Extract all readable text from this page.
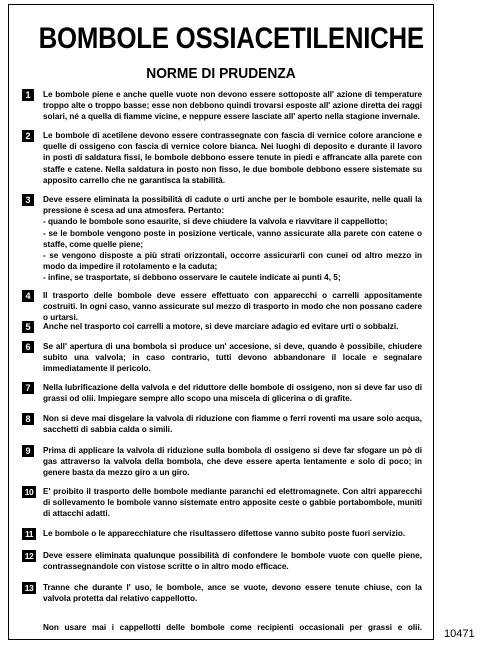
BOMBOLE OSSIACETILENICHE
NORME DI PRUDENZA
1	Le bombole piene e anche quelle vuote non devono essere sottoposte all' azione di temperature troppo alte o troppo basse; esse non debbono quindi trovarsi esposte all' azione diretta dei raggi solari, né a quella di fiamme vicine, e neppure essere lasciate all' aperto nella stagione invernale.
2	Le bombole di acetilene devono essere contrassegnate con fascia di vernice colore arancione e quelle di ossigeno con fascia di vernice colore bianca. Nei luoghi di deposito e durante il lavoro in posti di saldatura fissi, le bombole debbono essere tenute in piedi e affrancate alla parete con staffe e catene. Nella saldatura in posto non fisso, le due bombole debbono essere sistemate su apposito carrello che ne garantisca la stabilità.
3	Deve essere eliminata la possibilità di cadute o urti anche per le bombole esaurite, nelle quali la pressione è scesa ad una atmosfera. Pertanto:
- quando le bombole sono esaurite, si deve chiudere la valvola e riavvitare il cappellotto;
- se le bombole vengono poste in posizione verticale, vanno assicurate alla parete con catene o staffe, come quelle piene;
- se vengono disposte a più strati orizzontali, occorre assicurarli con cunei od altro mezzo in modo da impedire il rotolamento e la caduta;
- infine, se trasportate, si debbono osservare le cautele indicate ai punti 4, 5;
4	Il trasporto delle bombole deve essere effettuato con apparecchi o carrelli appositamente costruiti. In ogni caso, vanno assicurate sul mezzo di trasporto in modo che non possano cadere o urtarsi.
5	Anche nel trasporto coi carrelli a motore, si deve marciare adagio ed evitare urti o sobbalzi.
6	Se all' apertura di una bombola si produce un' accesione, si deve, quando è possibile, chiudere subito una valvola; in caso contrario, tutti devono abbandonare il locale e segnalare immediatamente il pericolo.
7	Nella lubrificazione della valvola e del riduttore delle bombole di ossigeno, non si deve far uso di grassi od olii. Impiegare sempre allo scopo una miscela di glicerina o di grafite.
8	Non si deve mai disgelare la valvola di riduzione con fiamme o ferri roventi ma usare solo acqua, sacchetti di sabbia calda o simili.
9	Prima di applicare la valvola di riduzione sulla bombola di ossigeno si deve far sfogare un pò di gas attraverso la valvola della bombola, che deve essere aperta lentamente e solo di poco; in genere basta da mezzo giro a un giro.
10	E' proibito il trasporto delle bombole mediante paranchi ed elettromagnete. Con altri apparecchi di sollevamento le bombole vanno sistemate entro apposite ceste o gabbie portabombole, muniti di attacchi adatti.
11	Le bombole o le apparecchiature che risultassero difettose vanno subito poste fuori servizio.
12	Deve essere eliminata qualunque possibilità di confondere le bombole vuote con quelle piene, contrassegnandole con vistose scritte o in altro modo efficace.
13	Tranne che durante l' uso, le bombole, ance se vuote, devono essere tenute chiuse, con la valvola protetta dal relativo cappellotto.
Non usare mai i cappellotti delle bombole come recipienti occasionali per grassi e olii.
10471
